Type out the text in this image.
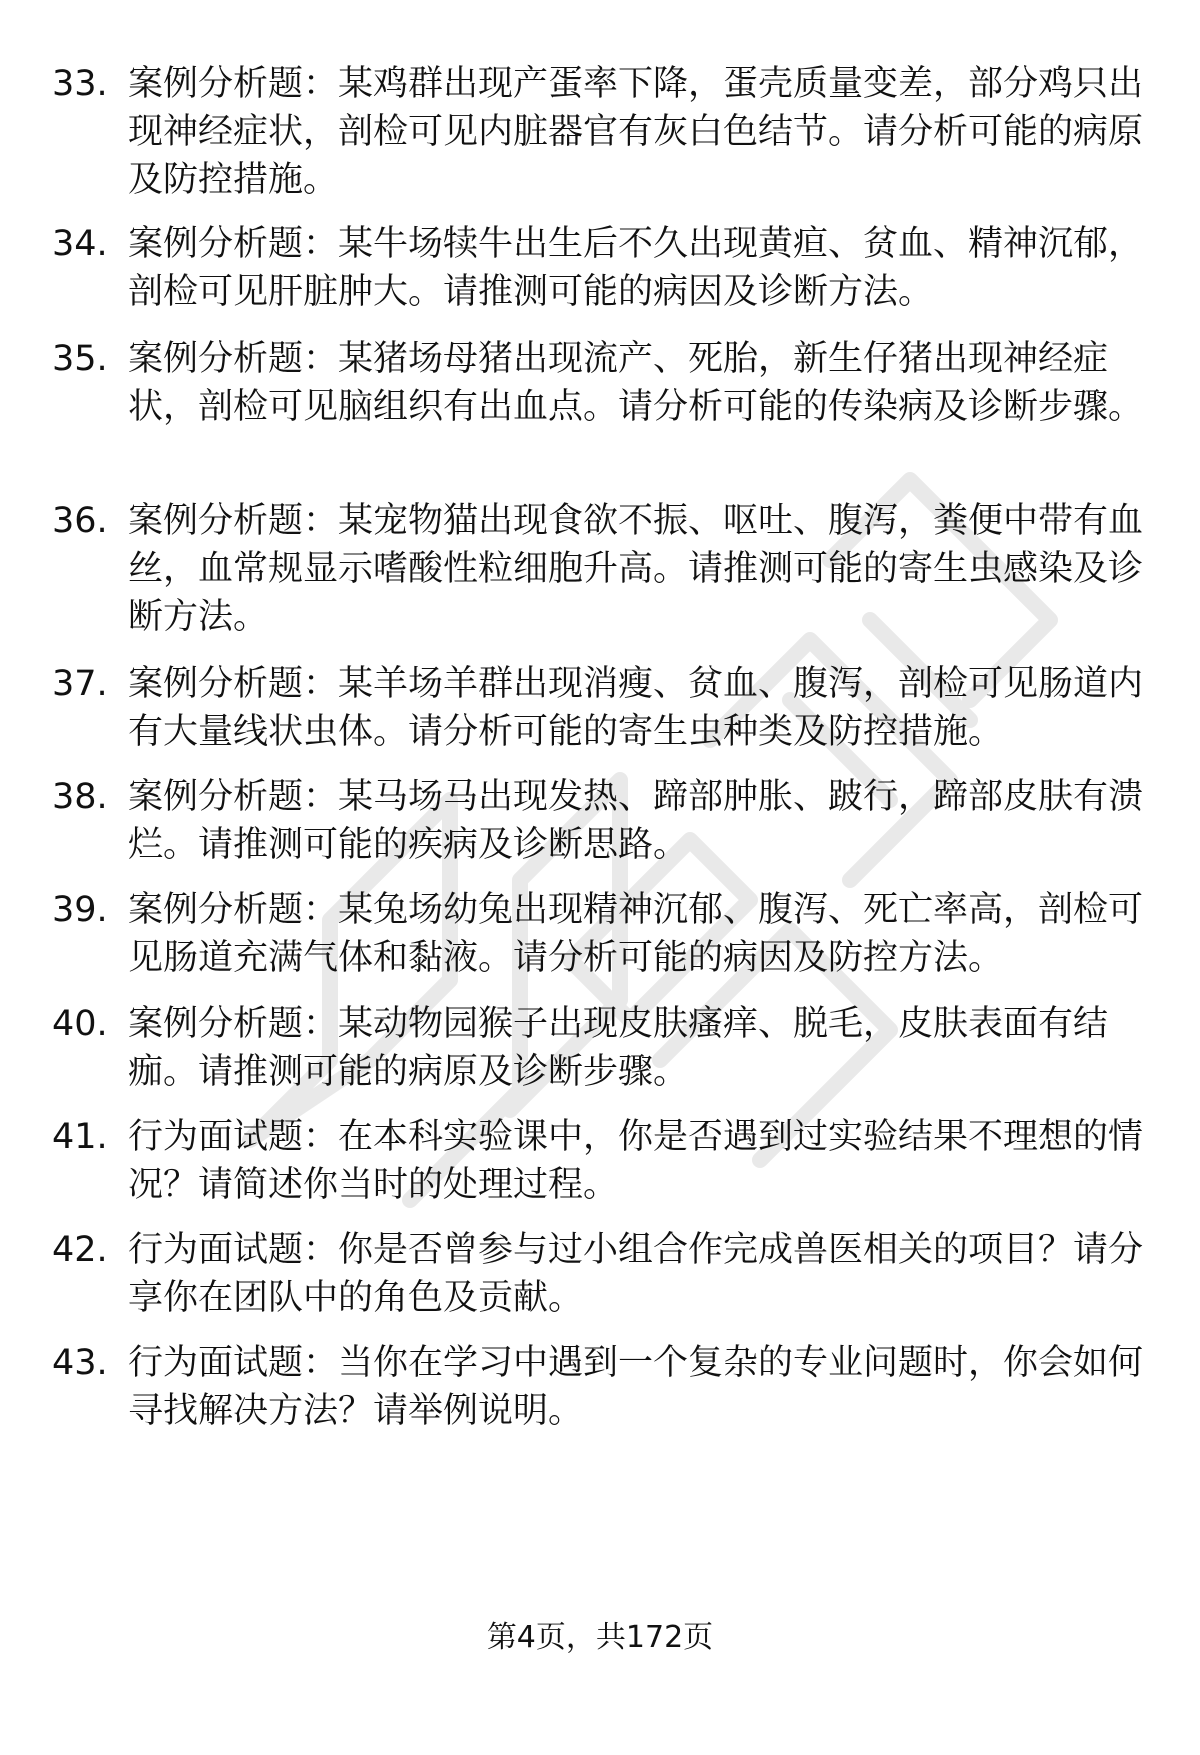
33. 案例分析题：某鸡群出现产蛋率下降，蛋壳质量变差，部分鸡只出现神经症状，剖检可见内脏器官有灰白色结节。请分析可能的病原及防控措施。
34. 案例分析题：某牛场犊牛出生后不久出现黄疸、贫血、精神沉郁，剖检可见肝脏肿大。请推测可能的病因及诊断方法。
35. 案例分析题：某猪场母猪出现流产、死胎，新生仔猪出现神经症状，剖检可见脑组织有出血点。请分析可能的传染病及诊断步骤。
36. 案例分析题：某宠物猫出现食欲不振、呕吐、腹泻，粪便中带有血丝，血常规显示嗜酸性粒细胞升高。请推测可能的寄生虫感染及诊断方法。
37. 案例分析题：某羊场羊群出现消瘦、贫血、腹泻，剖检可见肠道内有大量线状虫体。请分析可能的寄生虫种类及防控措施。
38. 案例分析题：某马场马出现发热、蹄部肿胀、跛行，蹄部皮肤有溃烂。请推测可能的疾病及诊断思路。
39. 案例分析题：某兔场幼兔出现精神沉郁、腹泻、死亡率高，剖检可见肠道充满气体和黏液。请分析可能的病因及防控方法。
40. 案例分析题：某动物园猴子出现皮肤瘙痒、脱毛，皮肤表面有结痂。请推测可能的病原及诊断步骤。
41. 行为面试题：在本科实验课中，你是否遇到过实验结果不理想的情况？请简述你当时的处理过程。
42. 行为面试题：你是否曾参与过小组合作完成兽医相关的项目？请分享你在团队中的角色及贡献。
43. 行为面试题：当你在学习中遇到一个复杂的专业问题时，你会如何寻找解决方法？请举例说明。
第4页，共172页
